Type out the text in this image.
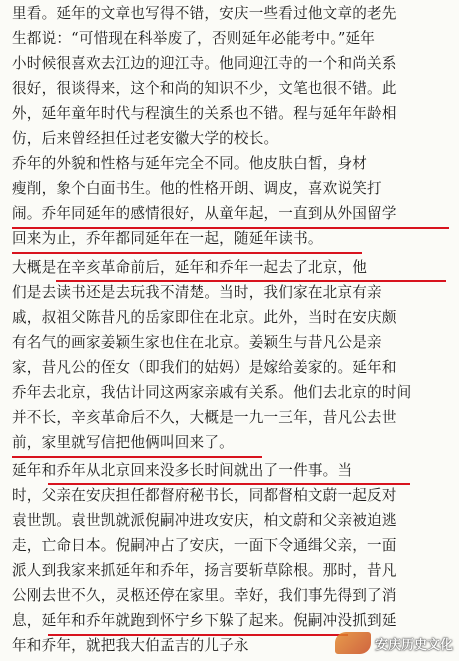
里看。延年的文章也写得不错，安庆一些看过他文章的老先
生都说：“可惜现在科举废了，否则延年必能考中。”延年
小时候很喜欢去江边的迎江寺。他同迎江寺的一个和尚关系
很好，很谈得来，这个和尚的知识不少，文笔也很不错。此
外，延年童年时代与程演生的关系也不错。程与延年年龄相
仿，后来曾经担任过老安徽大学的校长。
乔年的外貌和性格与延年完全不同。他皮肤白皙，身材
瘦削，象个白面书生。他的性格开朗、调皮，喜欢说笑打
闹。乔年同延年的感情很好，从童年起，一直到从外国留学
回来为止，乔年都同延年在一起，随延年读书。
大概是在辛亥革命前后，延年和乔年一起去了北京，他
们是去读书还是去玩我不清楚。当时，我们家在北京有亲
戚，叔祖父陈昔凡的岳家即住在北京。此外，当时在安庆颇
有名气的画家姜颖生家也住在北京。姜颖生与昔凡公是亲
家，昔凡公的侄女（即我们的姑妈）是嫁给姜家的。延年和
乔年去北京，我估计同这两家亲戚有关系。他们去北京的时间
并不长，辛亥革命后不久，大概是一九一三年，昔凡公去世
前，家里就写信把他俩叫回来了。
延年和乔年从北京回来没多长时间就出了一件事。当
时，父亲在安庆担任都督府秘书长，同都督柏文蔚一起反对
袁世凯。袁世凯就派倪嗣冲进攻安庆，柏文蔚和父亲被迫逃
走，亡命日本。倪嗣冲占了安庆，一面下令通缉父亲，一面
派人到我家来抓延年和乔年，扬言要斩草除根。那时，昔凡
公刚去世不久，灵柩还停在家里。幸好，我们事先得到了消
息，延年和乔年就跑到怀宁乡下躲了起来。倪嗣冲没抓到延
年和乔年，就把我大伯孟吉的儿子永	安庆历史文化
